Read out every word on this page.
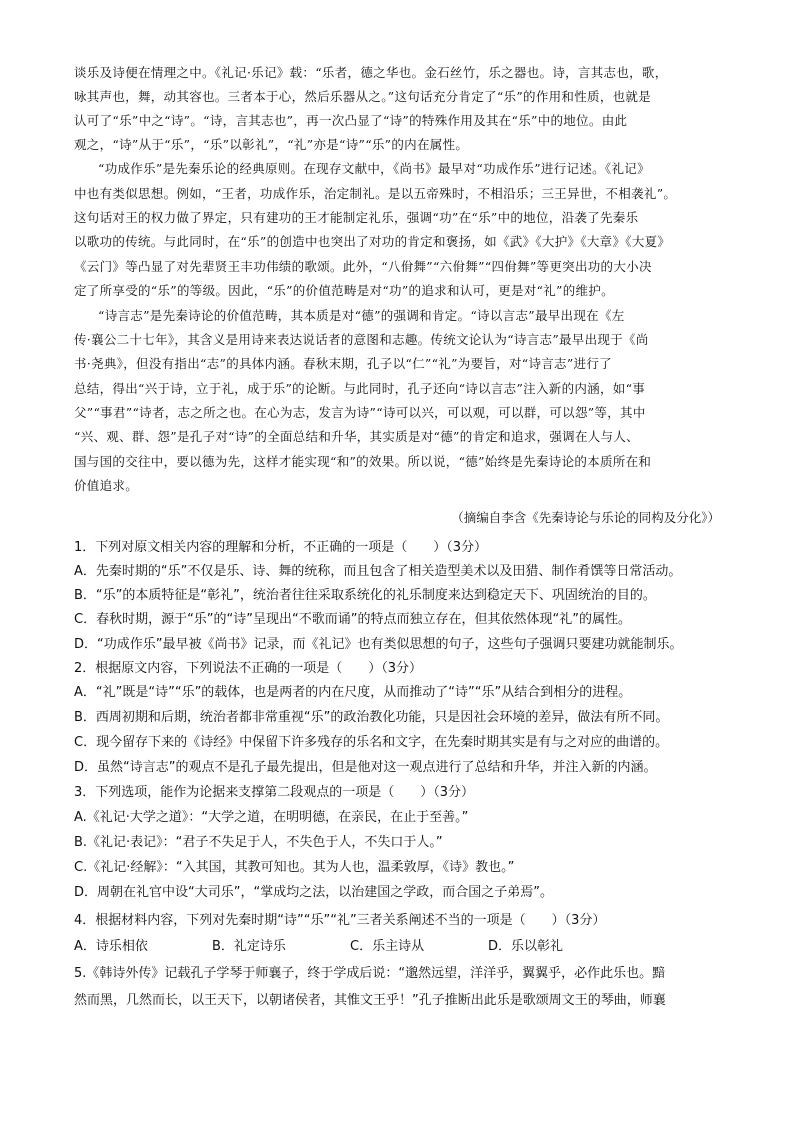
谈乐及诗便在情理之中。《礼记·乐记》载：“乐者，德之华也。金石丝竹，乐之器也。诗，言其志也，歌，
咏其声也，舞，动其容也。三者本于心，然后乐器从之。”这句话充分肯定了“乐”的作用和性质，也就是
认可了“乐”中之“诗”。“诗，言其志也”，再一次凸显了“诗”的特殊作用及其在“乐”中的地位。由此
观之，“诗”从于“乐”，“乐”以彰礼”，“礼”亦是“诗”“乐”的内在属性。
“功成作乐”是先秦乐论的经典原则。在现存文献中，《尚书》最早对“功成作乐”进行记述。《礼记》
中也有类似思想。例如，“王者，功成作乐，治定制礼。是以五帝殊时，不相沿乐；三王异世，不相袭礼”。
这句话对王的权力做了界定，只有建功的王才能制定礼乐，强调“功”在“乐”中的地位，沿袭了先秦乐
以歌功的传统。与此同时，在“乐”的创造中也突出了对功的肯定和褒扬，如《武》《大护》《大章》《大夏》
《云门》等凸显了对先辈贤王丰功伟绩的歌颂。此外，“八佾舞”“六佾舞”“四佾舞”等更突出功的大小决
定了所享受的“乐”的等级。因此，“乐”的价值范畴是对“功”的追求和认可，更是对“礼”的维护。
“诗言志”是先秦诗论的价值范畴，其本质是对“德”的强调和肯定。“诗以言志”最早出现在《左
传·襄公二十七年》，其含义是用诗来表达说话者的意图和志趣。传统文论认为“诗言志”最早出现于《尚
书·尧典》，但没有指出“志”的具体内涵。春秋末期，孔子以“仁”“礼”为要旨，对“诗言志”进行了
总结，得出“兴于诗，立于礼，成于乐”的论断。与此同时，孔子还向“诗以言志”注入新的内涵，如“事
父”“事君”“诗者，志之所之也。在心为志，发言为诗”“诗可以兴，可以观，可以群，可以怨”等，其中
“兴、观、群、怨”是孔子对“诗”的全面总结和升华，其实质是对“德”的肯定和追求，强调在人与人、
国与国的交往中，要以德为先，这样才能实现“和”的效果。所以说，“德”始终是先秦诗论的本质所在和
价值追求。
（摘编自李含《先秦诗论与乐论的同构及分化》）
1．下列对原文相关内容的理解和分析，不正确的一项是（　　）（3分）
A．先秦时期的“乐”不仅是乐、诗、舞的统称，而且包含了相关造型美术以及田猎、制作肴馔等日常活动。
B．“乐”的本质特征是“彰礼”，统治者往往采取系统化的礼乐制度来达到稳定天下、巩固统治的目的。
C．春秋时期，源于“乐”的“诗”呈现出“不歌而诵”的特点而独立存在，但其依然体现“礼”的属性。
D．“功成作乐”最早被《尚书》记录，而《礼记》也有类似思想的句子，这些句子强调只要建功就能制乐。
2．根据原文内容，下列说法不正确的一项是（　　）（3分）
A．“礼”既是“诗”“乐”的载体，也是两者的内在尺度，从而推动了“诗”“乐”从结合到相分的进程。
B．西周初期和后期，统治者都非常重视“乐”的政治教化功能，只是因社会环境的差异，做法有所不同。
C．现今留存下来的《诗经》中保留下许多残存的乐名和文字，在先秦时期其实是有与之对应的曲谱的。
D．虽然“诗言志”的观点不是孔子最先提出，但是他对这一观点进行了总结和升华，并注入新的内涵。
3．下列选项，能作为论据来支撑第二段观点的一项是（　　）（3分）
A.《礼记·大学之道》：“大学之道，在明明德，在亲民，在止于至善。”
B.《礼记·表记》：“君子不失足于人，不失色于人，不失口于人。”
C.《礼记·经解》：“入其国，其教可知也。其为人也，温柔敦厚，《诗》教也。”
D．周朝在礼官中设“大司乐”，“掌成均之法，以治建国之学政，而合国之子弟焉”。
4．根据材料内容，下列对先秦时期“诗”“乐”“礼”三者关系阐述不当的一项是（　　）（3分）
A．诗乐相依	B．礼定诗乐	C．乐主诗从	D．乐以彰礼
5.《韩诗外传》记载孔子学琴于师襄子，终于学成后说：“邈然远望，洋洋乎，翼翼乎，必作此乐也。黯
然而黑，几然而长，以王天下，以朝诸侯者，其惟文王乎！”孔子推断出此乐是歌颂周文王的琴曲，师襄
